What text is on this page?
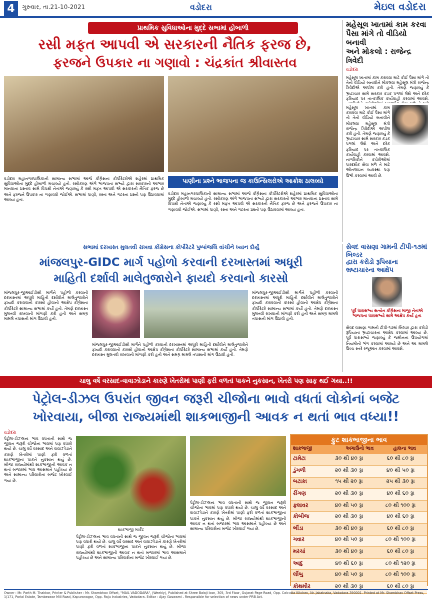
4	ગુરુવાર, તા.21-10-2021	વડોદરા	મેઇલ વડોદરા
પ્રાથમિક સુવિધાઓના મુદ્દે સભામાં હોબાળો
રસી મફત આપવી એ સરકારની નૈતિક ફરજ છે,
ફરજને ઉપકાર ના ગણાવો : ચંદ્રકાંત શ્રીવાસ્તવ
વડોદરા મહાનગરપાલિકાની સામાન્ય સભામાં આજે કોંગ્રેસના કોર્પોરેટરોએ શહેરમાં પ્રાથમિક સુવિધાઓના મુદ્દે હોબાળો મચાવ્યો હતો. રસીકરણ અંગે ભાજપના સભ્યો દ્વારા સરકારનો આભાર માનવાના પ્રસ્તાવ સામે વિપક્ષી નેતાએ જણાવ્યું કે રસી મફત આપવી એ સરકારની નૈતિક ફરજ છે અને ફરજને ઉપકાર ના ગણાવવો જોઈએ. સભામાં પાણી, રસ્તા અને ગટરના પ્રશ્નો પણ ઉઠાવવામાં આવ્યા હતા.
પાણીના પ્રશ્ને ભાજપના જ કાઉન્સિલરોએ આક્રોશ ઠાલવ્યો
વડોદરા મહાનગરપાલિકાની સામાન્ય સભામાં આજે કોંગ્રેસના કોર્પોરેટરોએ શહેરમાં પ્રાથમિક સુવિધાઓના મુદ્દે હોબાળો મચાવ્યો હતો. રસીકરણ અંગે ભાજપના સભ્યો દ્વારા સરકારનો આભાર માનવાના પ્રસ્તાવ સામે વિપક્ષી નેતાએ જણાવ્યું કે રસી મફત આપવી એ સરકારની નૈતિક ફરજ છે અને ફરજને ઉપકાર ના ગણાવવો જોઈએ. સભામાં પાણી, રસ્તા અને ગટરના પ્રશ્નો પણ ઉઠાવવામાં આવ્યા હતા.
સભામાં દરખાસ્ત મુલતવી રાખવા કોંગ્રેસના કોર્પોરેટરે પુષ્પાંજલિ વાંચીને ધ્યાન દોર્યું
માંજલપુર-GIDC માર્ગ પહોળો કરવાની દરખાસ્તમાં અધૂરી
માહિતી દર્શાવી માલેતુજારોને ફાયદો કરવાનો કારસો
માંજલપુર-જીઆઈડીસી માર્ગને પહોળો કરવાની દરખાસ્તમાં અધૂરી માહિતી દર્શાવીને માલેતુજારોને ફાયદો કરાવવાનો કારસો હોવાનો આક્ષેપ કોંગ્રેસના કોર્પોરેટરે સામાન્ય સભામાં કર્યો હતો. તેમણે દરખાસ્ત મુલતવી રાખવાની માંગણી કરી હતી અને સમગ્ર મામલે તપાસની માંગ ઉઠાવી હતી.
માંજલપુર-જીઆઈડીસી માર્ગને પહોળો કરવાની દરખાસ્તમાં અધૂરી માહિતી દર્શાવીને માલેતુજારોને ફાયદો કરાવવાનો કારસો હોવાનો આક્ષેપ કોંગ્રેસના કોર્પોરેટરે સામાન્ય સભામાં કર્યો હતો. તેમણે દરખાસ્ત મુલતવી રાખવાની માંગણી કરી હતી અને સમગ્ર મામલે તપાસની માંગ ઉઠાવી હતી.
માંજલપુર-જીઆઈડીસી માર્ગને પહોળો કરવાની દરખાસ્તમાં અધૂરી માહિતી દર્શાવીને માલેતુજારોને ફાયદો કરાવવાનો કારસો હોવાનો આક્ષેપ કોંગ્રેસના કોર્પોરેટરે સામાન્ય સભામાં કર્યો હતો. તેમણે દરખાસ્ત મુલતવી રાખવાની માંગણી કરી હતી અને સમગ્ર મામલે તપાસની માંગ ઉઠાવી હતી.
મહેસૂલ ખાતામાં કામ કરવા
પૈસા માંગે તો વીડિયો બનાવી
અને મોકલો : રાજેન્દ્ર ત્રિવેદી
વડોદરા
મહેસૂલ ખાતામાં કામ કરાવવા માટે કોઈ પૈસા માંગે તો તેનો વીડિયો બનાવીને મોકલવા મહેસૂલ મંત્રી રાજેન્દ્ર ત્રિવેદીએ અપીલ કરી હતી. તેમણે જણાવ્યું કે ભ્રષ્ટાચાર સામે સરકાર કડક પગલાં લેશે અને દરેક ફરિયાદ પર તાત્કાલિક કાર્યવાહી કરવામાં આવશે.
મહેસૂલ ખાતામાં કામ કરાવવા માટે કોઈ પૈસા માંગે તો તેનો વીડિયો બનાવીને મોકલવા મહેસૂલ મંત્રી રાજેન્દ્ર ત્રિવેદીએ અપીલ કરી હતી. તેમણે જણાવ્યું કે ભ્રષ્ટાચાર સામે સરકાર કડક પગલાં લેશે અને દરેક ફરિયાદ પર તાત્કાલિક કાર્યવાહી કરવામાં આવશે. નાગરિકોને કચેરીઓમાં પારદર્શક સેવા મળે તે માટે ઓનલાઇન વ્યવસ્થા પણ ઉભી કરવામાં આવી છે.
સેવદ વાસણા ગામની ટીપી-૧૭માં બિલ્ડર
દ્વારા કરોડો રૂપિયાના ભ્રષ્ટાચારના આક્ષેપ
પૂર્વ ધારાસભ્ય સત્યેન કોંગ્રેસના માજી નેતાએ ભાજપના ધારાસભ્યો સામે આક્ષેપ કર્યા હતા
સેવદ વાસણા ગામની ટીપી-૧૭માં બિલ્ડર દ્વારા કરોડો રૂપિયાના ભ્રષ્ટાચારના આક્ષેપ કરવામાં આવ્યા છે. પૂર્વ ધારાસભ્યે જણાવ્યું કે જમીનના ઉપયોગમાં નિયમોનો ભંગ કરવામાં આવ્યો છે અને આ મામલે ઉચ્ચ સ્તરે રજૂઆત કરવામાં આવશે.
ચાલુ વર્ષે વરસાદ-વાવાઝોડાને કારણે ખેતરોમાં પાણી ફરી વળતાં પાકને નુકસાન, ખેતરો પણ સાફ થઈ ગયા..!!
પેટ્રોલ-ડીઝલ ઉપરાંત જીવન જરૂરી ચીજોના ભાવો વધતાં લોકોનાં બજેટ
ખોરવાયા, બીજા રાજ્યમાંથી શાકભાજીની આવક ન થતાં ભાવ વધ્યા!!
વડોદરા
પેટ્રોલ-ડીઝલના ભાવ વધતાની સાથે જ જીવન જરૂરી ચીજોના ભાવમાં પણ વધારો થયો છે. ચાલુ વર્ષે વરસાદ અને વાવાઝોડાને કારણે ખેતરોમાં પાણી ફરી વળતાં શાકભાજીના પાકને નુકસાન થયું છે. બીજા રાજ્યોમાંથી શાકભાજીની આવક ન થતાં બજારમાં ભાવ આસમાને પહોંચ્યા છે અને સામાન્ય પરિવારોના બજેટ ખોરવાઈ ગયા છે.
શાકભાજી માર્કેટ
પેટ્રોલ-ડીઝલના ભાવ વધતાની સાથે જ જીવન જરૂરી ચીજોના ભાવમાં પણ વધારો થયો છે. ચાલુ વર્ષે વરસાદ અને વાવાઝોડાને કારણે ખેતરોમાં પાણી ફરી વળતાં શાકભાજીના પાકને નુકસાન થયું છે. બીજા રાજ્યોમાંથી શાકભાજીની આવક ન થતાં બજારમાં ભાવ આસમાને પહોંચ્યા છે અને સામાન્ય પરિવારોના બજેટ ખોરવાઈ ગયા છે.
પેટ્રોલ-ડીઝલના ભાવ વધતાની સાથે જ જીવન જરૂરી ચીજોના ભાવમાં પણ વધારો થયો છે. ચાલુ વર્ષે વરસાદ અને વાવાઝોડાને કારણે ખેતરોમાં પાણી ફરી વળતાં શાકભાજીના પાકને નુકસાન થયું છે. બીજા રાજ્યોમાંથી શાકભાજીની આવક ન થતાં બજારમાં ભાવ આસમાને પહોંચ્યા છે અને સામાન્ય પરિવારોના બજેટ ખોરવાઈ ગયા છે.
ફુટ શાકભાજીના ભાવ
શાકભાજી	અગાઉનો ભાવ	હાલના ભાવ
ટામેટા	૩૦ થી ૪૦ રૂા	૬૦ થી ૮૦ રૂા
ડુંગળી	૨૦ થી ૩૦ રૂા	૪૦ થી ૫૦ રૂા
બટાકા	૧૫ થી ૨૦ રૂા	૨૫ થી ૩૦ રૂા
રીંગણ	૨૦ થી ૩૦ રૂા	૪૦ થી ૬૦ રૂા
ફ્લાવર	૪૦ થી ૫૦ રૂા	૮૦ થી ૧૦૦ રૂા
કોબીજ	૨૦ થી ૩૦ રૂા	૪૦ થી ૬૦ રૂા
ભીંડા	૩૦ થી ૪૦ રૂા	૬૦ થી ૮૦ રૂા
ગવાર	૪૦ થી ૫૦ રૂા	૮૦ થી ૧૦૦ રૂા
મરચાં	૩૦ થી ૪૦ રૂા	૬૦ થી ૮૦ રૂા
આદુ	૪૦ થી ૬૦ રૂા	૮૦ થી ૧૨૦ રૂા
લીંબુ	૪૦ થી ૫૦ રૂા	૮૦ થી ૧૦૦ રૂા
કોથમીર	૨૦ થી ૩૦ રૂા	૬૦ થી ૮૦ રૂા
Owner : Mr. Parth M. Thakkar, Printer & Publisher : Mr. Shambhav Offset, "MAIL VADODARA", (Weekly), Published at Shree Balaji Icon, 305, 3rd Floor, Gujarat Page Road, Opp. Calcutta Kitchen, Nr. Jakatnaka, Vadodara-390001. Printed at Mr. Shambhav Offset Press, 1/171, Parlal Estate, Tambeswar Mill Road, Kapuranagar, Opp. Raju Industries, Vadodara. Editor : Ajay Goswami - Responsible for selection of news under PRB Act.
